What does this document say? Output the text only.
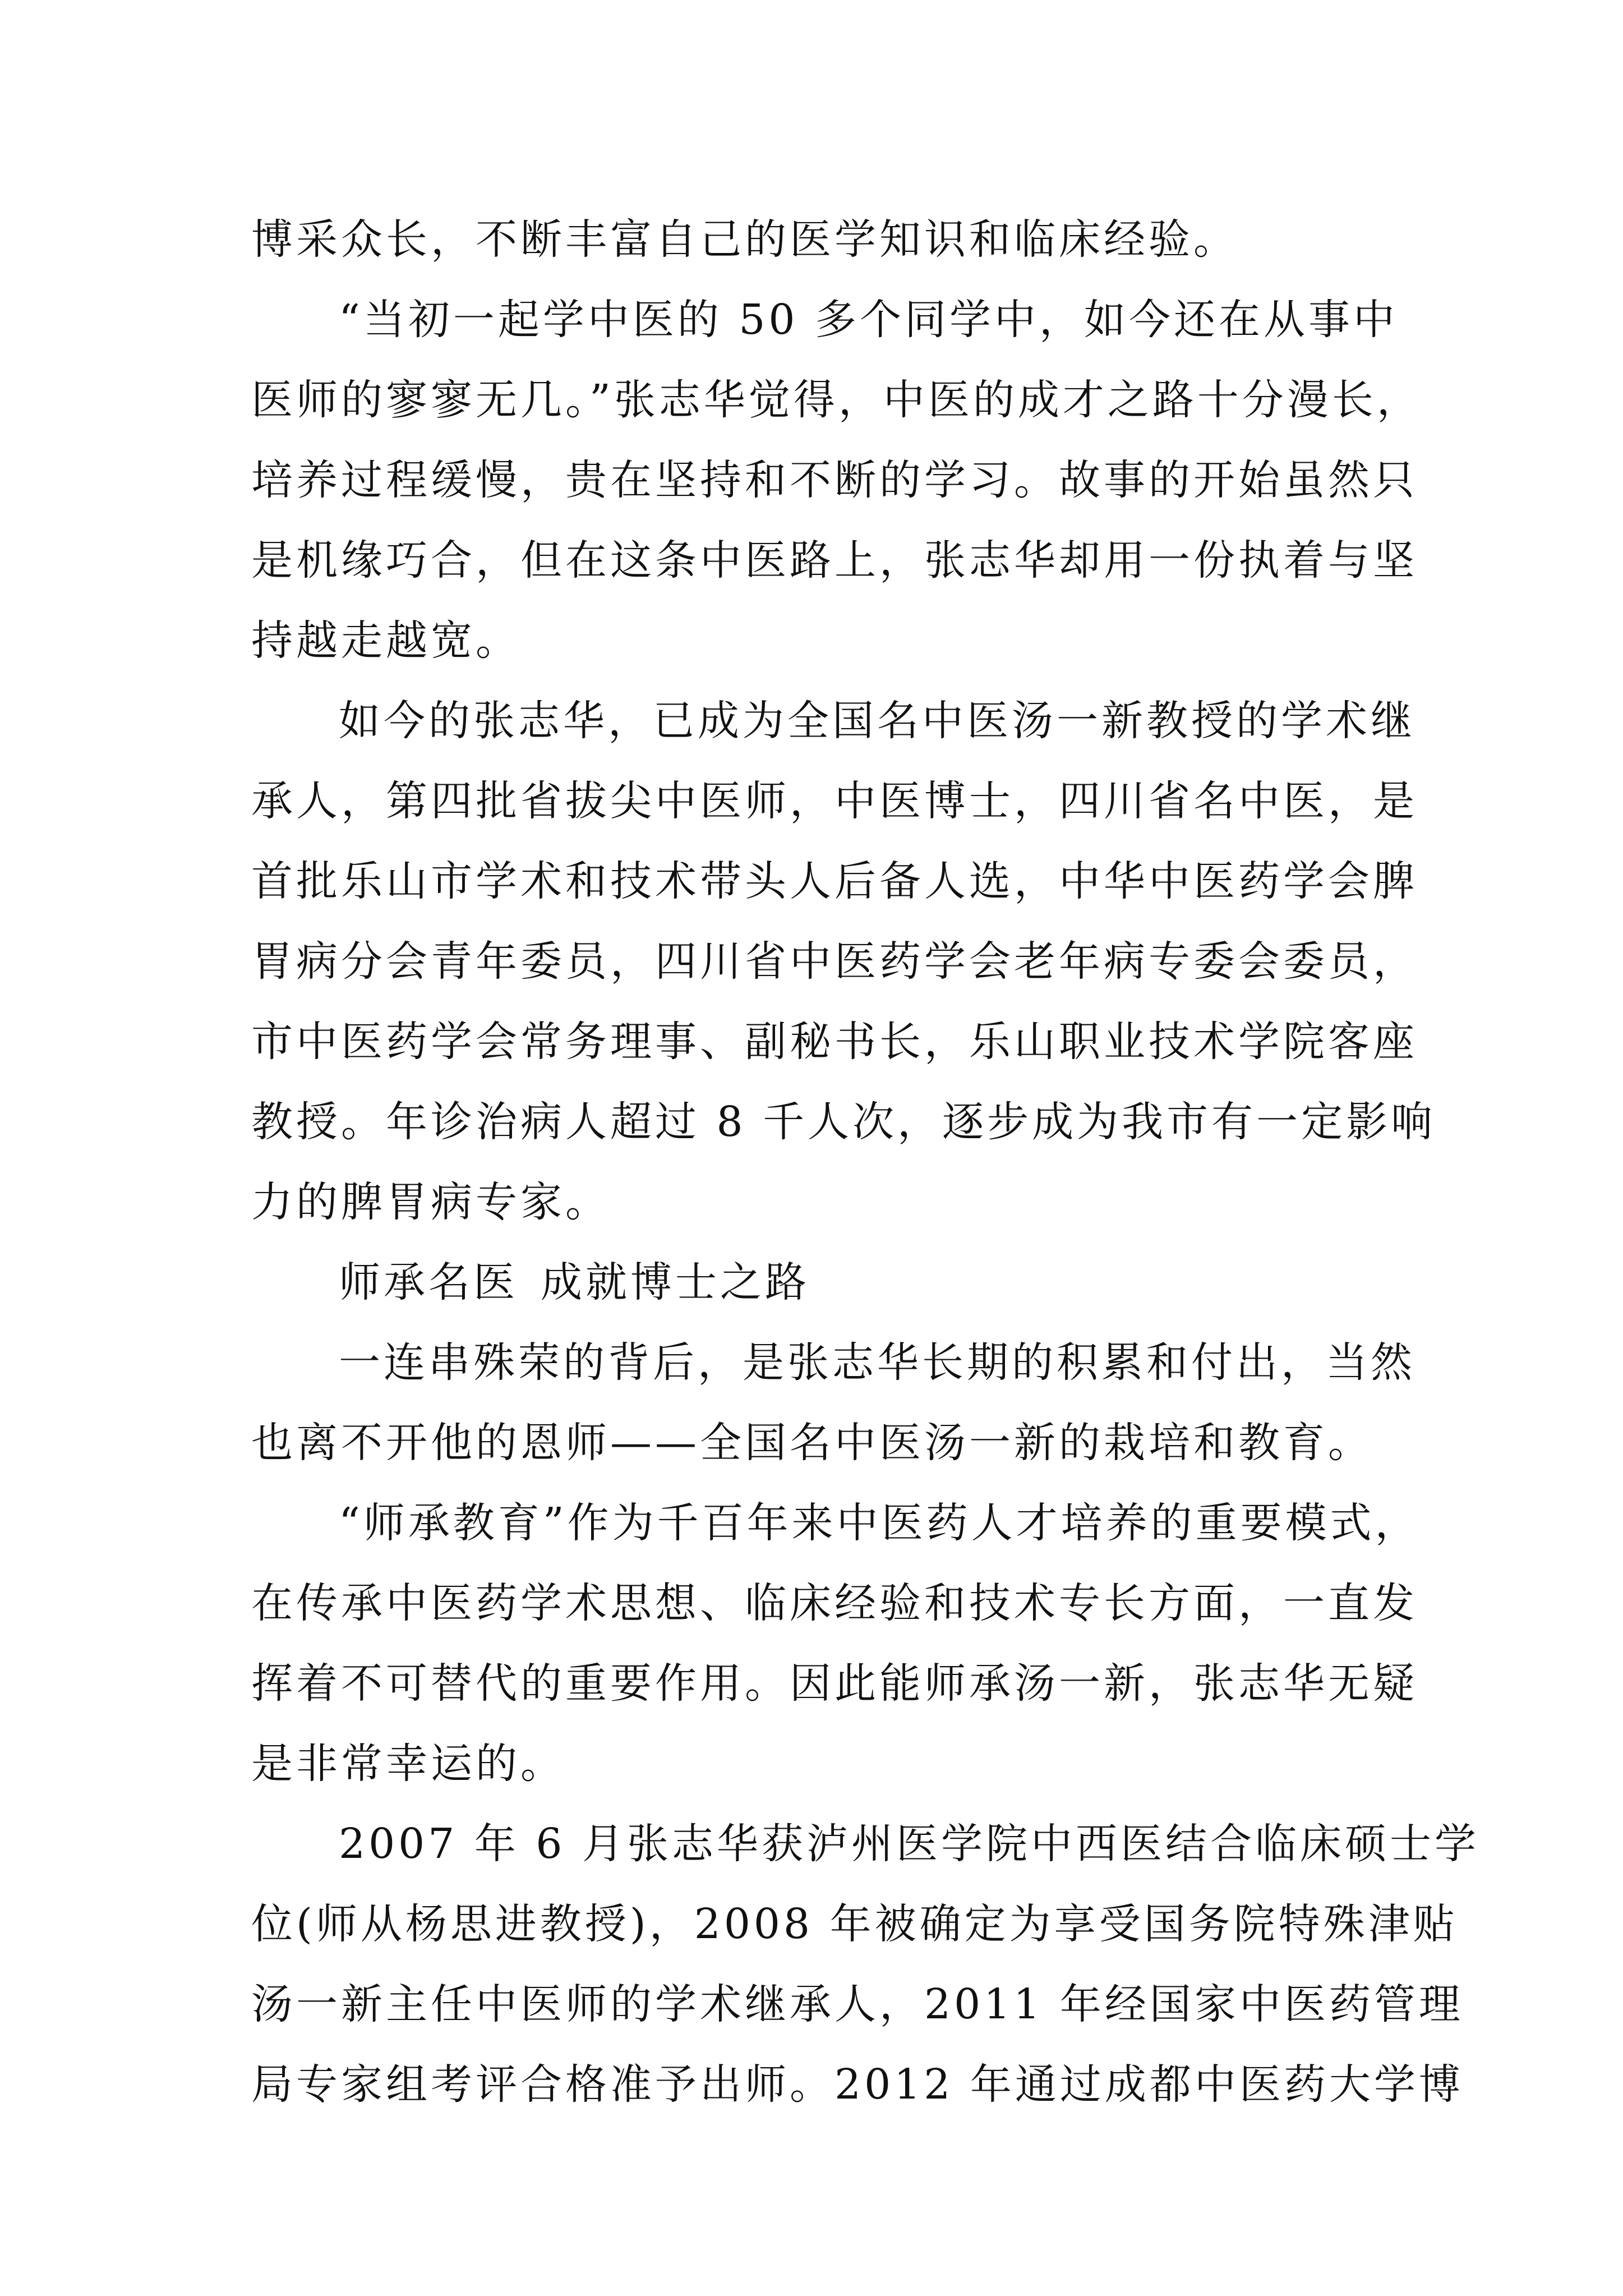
博采众长，不断丰富自己的医学知识和临床经验。
“当初一起学中医的 50 多个同学中，如今还在从事中
医师的寥寥无几。”张志华觉得，中医的成才之路十分漫长，
培养过程缓慢，贵在坚持和不断的学习。故事的开始虽然只
是机缘巧合，但在这条中医路上，张志华却用一份执着与坚
持越走越宽。
如今的张志华，已成为全国名中医汤一新教授的学术继
承人，第四批省拔尖中医师，中医博士，四川省名中医，是
首批乐山市学术和技术带头人后备人选，中华中医药学会脾
胃病分会青年委员，四川省中医药学会老年病专委会委员，
市中医药学会常务理事、副秘书长，乐山职业技术学院客座
教授。年诊治病人超过 8 千人次，逐步成为我市有一定影响
力的脾胃病专家。
师承名医 成就博士之路
一连串殊荣的背后，是张志华长期的积累和付出，当然
也离不开他的恩师——全国名中医汤一新的栽培和教育。
“师承教育”作为千百年来中医药人才培养的重要模式，
在传承中医药学术思想、临床经验和技术专长方面，一直发
挥着不可替代的重要作用。因此能师承汤一新，张志华无疑
是非常幸运的。
2007 年 6 月张志华获泸州医学院中西医结合临床硕士学
位(师从杨思进教授)，2008 年被确定为享受国务院特殊津贴
汤一新主任中医师的学术继承人，2011 年经国家中医药管理
局专家组考评合格准予出师。2012 年通过成都中医药大学博
